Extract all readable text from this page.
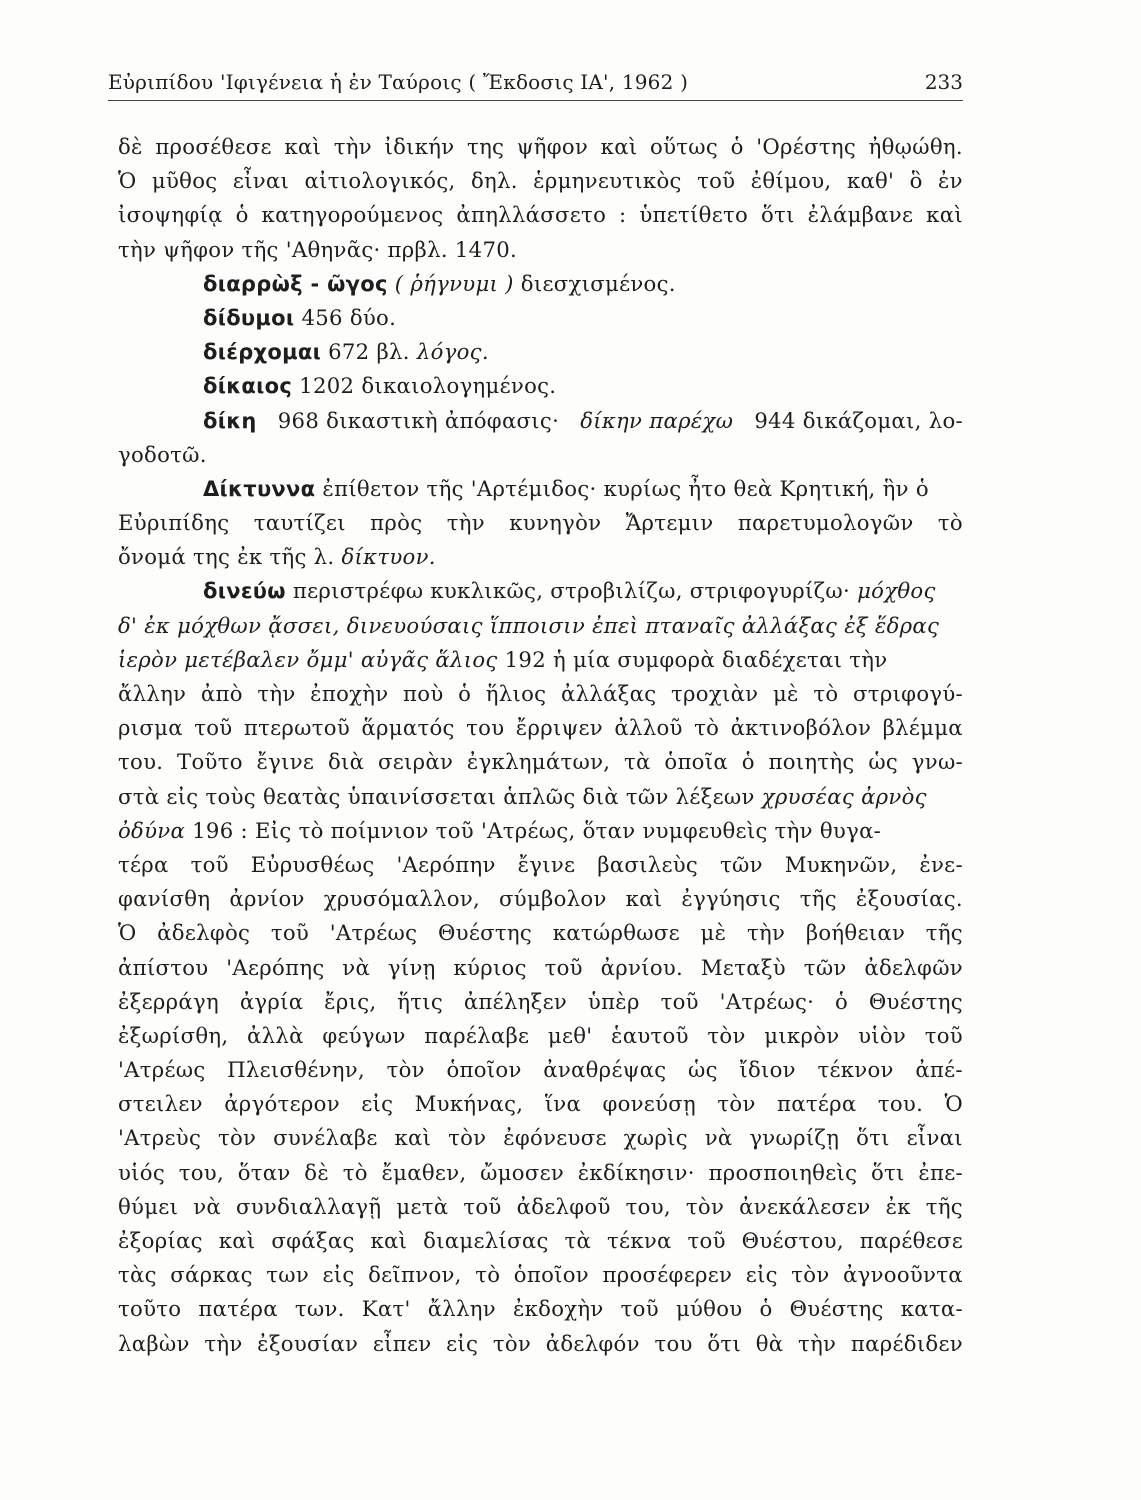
Εὐριπίδου 'Ιφιγένεια ἡ ἐν Ταύροις ( Ἔκδοσις ΙΑ', 1962 )	233
δὲ προσέθεσε καὶ τὴν ἰδικήν της ψῆφον καὶ οὕτως ὁ 'Ορέστης ἠθῳώθη.
Ὁ μῦθος εἶναι αἰτιολογικός, δηλ. ἑρμηνευτικὸς τοῦ ἐθίμου, καθ' ὃ ἐν
ἰσοψηφίᾳ ὁ κατηγορούμενος ἀπηλλάσσετο : ὑπετίθετο ὅτι ἐλάμβανε καὶ
τὴν ψῆφον τῆς 'Αθηνᾶς· πρβλ. 1470.
διαρρὼξ - ῶγος ( ῥήγνυμι ) διεσχισμένος.
δίδυμοι 456 δύο.
διέρχομαι 672 βλ. λόγος.
δίκαιος 1202 δικαιολογημένος.
δίκη 968 δικαστικὴ ἀπόφασις· δίκην παρέχω 944 δικάζομαι, λο-
γοδοτῶ.
Δίκτυννα ἐπίθετον τῆς 'Αρτέμιδος· κυρίως ἦτο θεὰ Κρητική, ἣν ὁ
Εὐριπίδης ταυτίζει πρὸς τὴν κυνηγὸν Ἄρτεμιν παρετυμολογῶν τὸ
ὄνομά της ἐκ τῆς λ. δίκτυον.
δινεύω περιστρέφω κυκλικῶς, στροβιλίζω, στριφογυρίζω· μόχθος
δ' ἐκ μόχθων ᾄσσει, δινευούσαις ἵπποισιν ἐπεὶ πταναῖς ἀλλάξας ἐξ ἕδρας
ἱερὸν μετέβαλεν ὄμμ' αὐγᾶς ἅλιος 192 ἡ μία συμφορὰ διαδέχεται τὴν
ἄλλην ἀπὸ τὴν ἐποχὴν ποὺ ὁ ἥλιος ἀλλάξας τροχιὰν μὲ τὸ στριφογύ-
ρισμα τοῦ πτερωτοῦ ἅρματός του ἔρριψεν ἀλλοῦ τὸ ἀκτινοβόλον βλέμμα
του. Τοῦτο ἔγινε διὰ σειρὰν ἐγκλημάτων, τὰ ὁποῖα ὁ ποιητὴς ὡς γνω-
στὰ εἰς τοὺς θεατὰς ὑπαινίσσεται ἁπλῶς διὰ τῶν λέξεων χρυσέας ἀρνὸς
ὀδύνα 196 : Εἰς τὸ ποίμνιον τοῦ 'Ατρέως, ὅταν νυμφευθεὶς τὴν θυγα-
τέρα τοῦ Εὐρυσθέως 'Αερόπην ἔγινε βασιλεὺς τῶν Μυκηνῶν, ἐνε-
φανίσθη ἀρνίον χρυσόμαλλον, σύμβολον καὶ ἐγγύησις τῆς ἐξουσίας.
Ὁ ἀδελφὸς τοῦ 'Ατρέως Θυέστης κατώρθωσε μὲ τὴν βοήθειαν τῆς
ἀπίστου 'Αερόπης νὰ γίνῃ κύριος τοῦ ἀρνίου. Μεταξὺ τῶν ἀδελφῶν
ἐξερράγη ἀγρία ἔρις, ἥτις ἀπέληξεν ὑπὲρ τοῦ 'Ατρέως· ὁ Θυέστης
ἐξωρίσθη, ἀλλὰ φεύγων παρέλαβε μεθ' ἑαυτοῦ τὸν μικρὸν υἱὸν τοῦ
'Ατρέως Πλεισθένην, τὸν ὁποῖον ἀναθρέψας ὡς ἴδιον τέκνον ἀπέ-
στειλεν ἀργότερον εἰς Μυκήνας, ἵνα φονεύσῃ τὸν πατέρα του. Ὁ
'Ατρεὺς τὸν συνέλαβε καὶ τὸν ἐφόνευσε χωρὶς νὰ γνωρίζῃ ὅτι εἶναι
υἱός του, ὅταν δὲ τὸ ἔμαθεν, ὤμοσεν ἐκδίκησιν· προσποιηθεὶς ὅτι ἐπε-
θύμει νὰ συνδιαλλαγῇ μετὰ τοῦ ἀδελφοῦ του, τὸν ἀνεκάλεσεν ἐκ τῆς
ἐξορίας καὶ σφάξας καὶ διαμελίσας τὰ τέκνα τοῦ Θυέστου, παρέθεσε
τὰς σάρκας των εἰς δεῖπνον, τὸ ὁποῖον προσέφερεν εἰς τὸν ἀγνοοῦντα
τοῦτο πατέρα των. Κατ' ἄλλην ἐκδοχὴν τοῦ μύθου ὁ Θυέστης κατα-
λαβὼν τὴν ἐξουσίαν εἶπεν εἰς τὸν ἀδελφόν του ὅτι θὰ τὴν παρέδιδεν
